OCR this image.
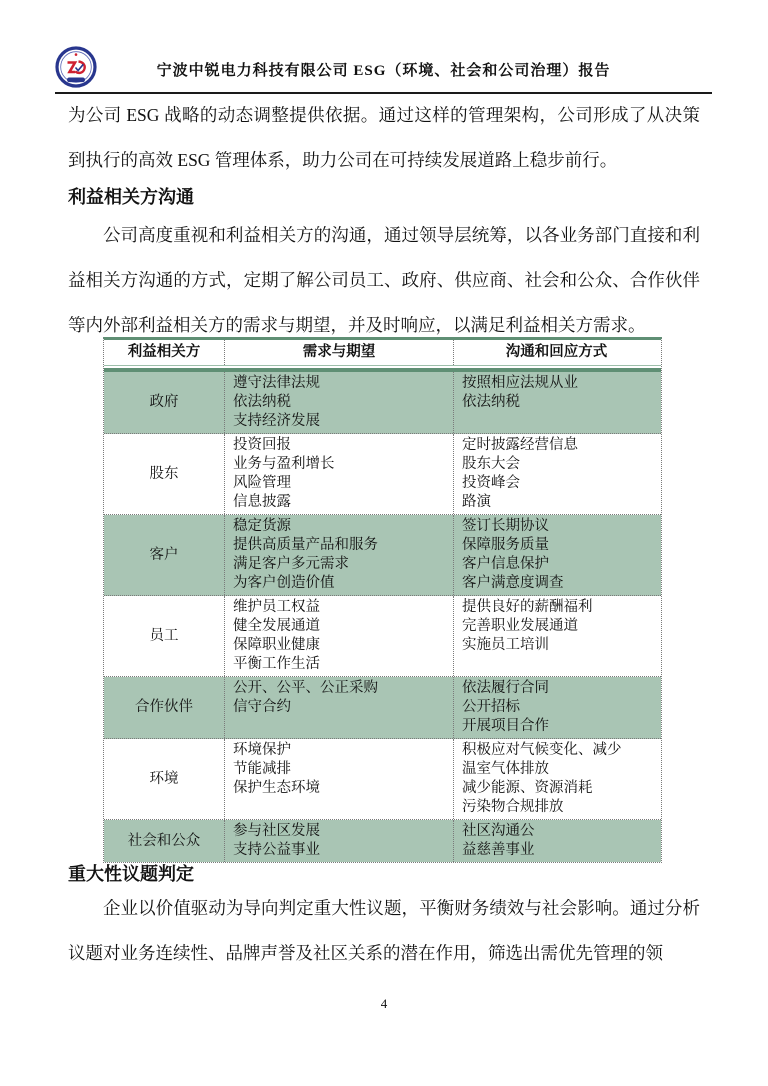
宁波中锐电力科技有限公司 ESG（环境、社会和公司治理）报告
为公司 ESG 战略的动态调整提供依据。通过这样的管理架构，公司形成了从决策到执行的高效 ESG 管理体系，助力公司在可持续发展道路上稳步前行。
利益相关方沟通
公司高度重视和利益相关方的沟通，通过领导层统筹，以各业务部门直接和利益相关方沟通的方式，定期了解公司员工、政府、供应商、社会和公众、合作伙伴等内外部利益相关方的需求与期望，并及时响应，以满足利益相关方需求。
利益相关方	需求与期望	沟通和回应方式
政府
遵守法律法规
依法纳税
支持经济发展
按照相应法规从业
依法纳税
股东
投资回报
业务与盈利增长
风险管理
信息披露
定时披露经营信息
股东大会
投资峰会
路演
客户
稳定货源
提供高质量产品和服务
满足客户多元需求
为客户创造价值
签订长期协议
保障服务质量
客户信息保护
客户满意度调查
员工
维护员工权益
健全发展通道
保障职业健康
平衡工作生活
提供良好的薪酬福利
完善职业发展通道
实施员工培训
合作伙伴
公开、公平、公正采购
信守合约
依法履行合同
公开招标
开展项目合作
环境
环境保护
节能减排
保护生态环境
积极应对气候变化、减少
温室气体排放
减少能源、资源消耗
污染物合规排放
社会和公众
参与社区发展
支持公益事业
社区沟通公
益慈善事业
重大性议题判定
企业以价值驱动为导向判定重大性议题，平衡财务绩效与社会影响。通过分析议题对业务连续性、品牌声誉及社区关系的潜在作用，筛选出需优先管理的领
4
